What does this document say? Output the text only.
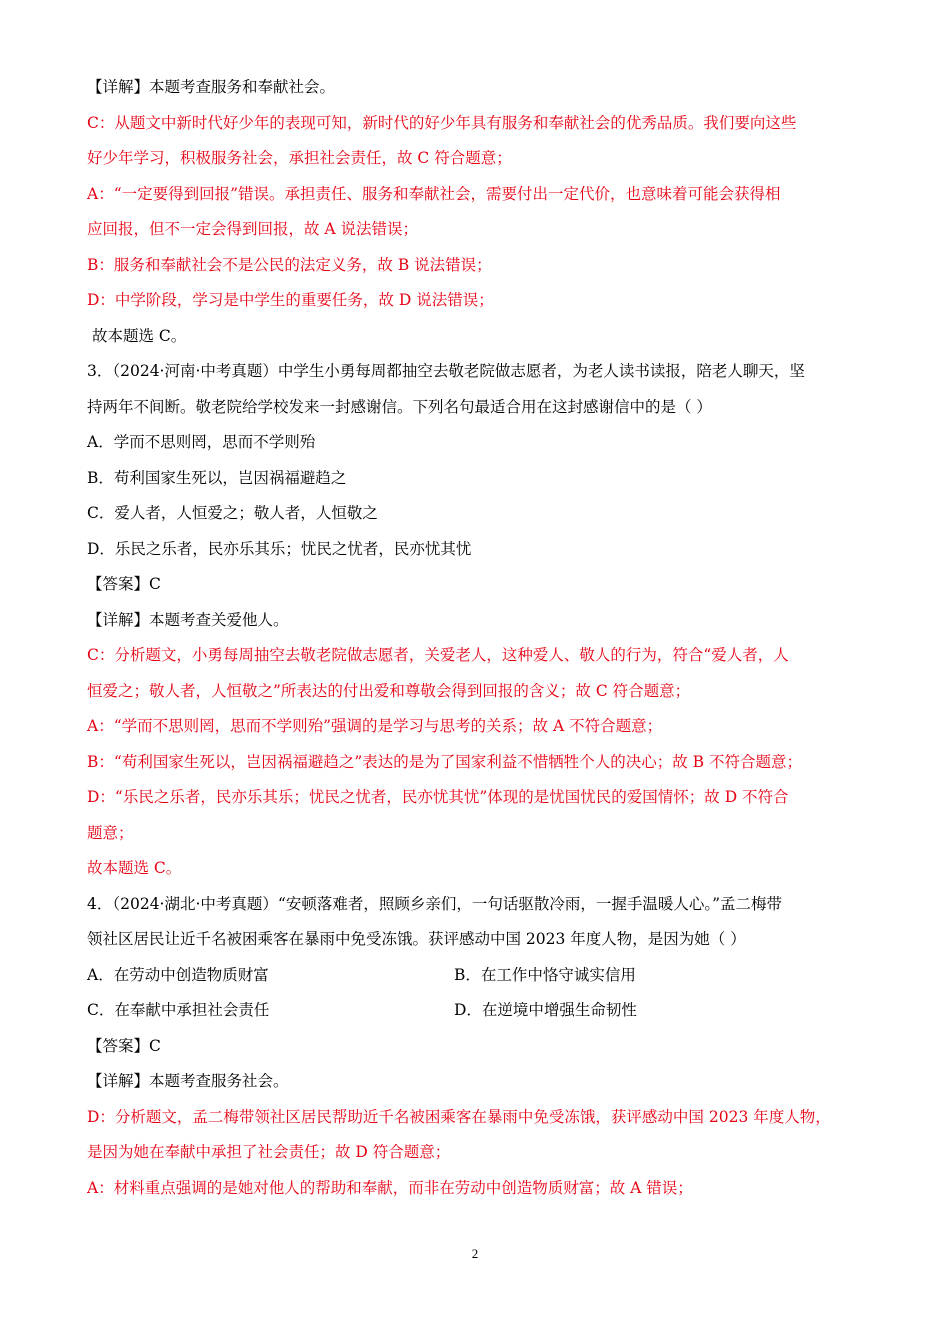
【详解】本题考查服务和奉献社会。
C：从题文中新时代好少年的表现可知，新时代的好少年具有服务和奉献社会的优秀品质。我们要向这些
好少年学习，积极服务社会，承担社会责任，故 C 符合题意；
A：“一定要得到回报”错误。承担责任、服务和奉献社会，需要付出一定代价，也意味着可能会获得相
应回报，但不一定会得到回报，故 A 说法错误；
B：服务和奉献社会不是公民的法定义务，故 B 说法错误；
D：中学阶段，学习是中学生的重要任务，故 D 说法错误；
故本题选 C。
3．（2024·河南·中考真题）中学生小勇每周都抽空去敬老院做志愿者，为老人读书读报，陪老人聊天，坚
持两年不间断。敬老院给学校发来一封感谢信。下列名句最适合用在这封感谢信中的是（ ）
A．学而不思则罔，思而不学则殆
B．苟利国家生死以，岂因祸福避趋之
C．爱人者，人恒爱之；敬人者，人恒敬之
D．乐民之乐者，民亦乐其乐；忧民之忧者，民亦忧其忧
【答案】C
【详解】本题考查关爱他人。
C：分析题文，小勇每周抽空去敬老院做志愿者，关爱老人，这种爱人、敬人的行为，符合“爱人者，人
恒爱之；敬人者，人恒敬之”所表达的付出爱和尊敬会得到回报的含义；故 C 符合题意；
A：“学而不思则罔，思而不学则殆”强调的是学习与思考的关系；故 A 不符合题意；
B：“苟利国家生死以，岂因祸福避趋之”表达的是为了国家利益不惜牺牲个人的决心；故 B 不符合题意；
D：“乐民之乐者，民亦乐其乐；忧民之忧者，民亦忧其忧”体现的是忧国忧民的爱国情怀；故 D 不符合
题意；
故本题选 C。
4．（2024·湖北·中考真题）“安顿落难者，照顾乡亲们，一句话驱散冷雨，一握手温暖人心。”孟二梅带
领社区居民让近千名被困乘客在暴雨中免受冻饿。获评感动中国 2023 年度人物，是因为她（ ）
A．在劳动中创造物质财富	B．在工作中恪守诚实信用
C．在奉献中承担社会责任	D．在逆境中增强生命韧性
【答案】C
【详解】本题考查服务社会。
D：分析题文，孟二梅带领社区居民帮助近千名被困乘客在暴雨中免受冻饿，获评感动中国 2023 年度人物，
是因为她在奉献中承担了社会责任；故 D 符合题意；
A：材料重点强调的是她对他人的帮助和奉献，而非在劳动中创造物质财富；故 A 错误；
2
